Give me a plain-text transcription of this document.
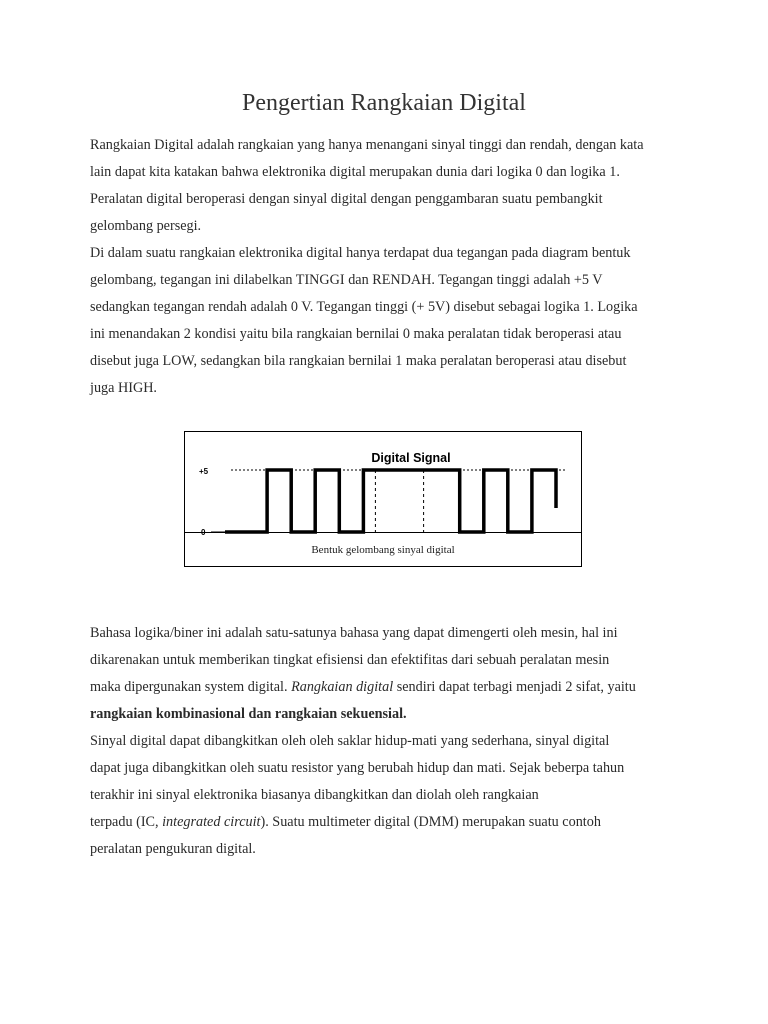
Pengertian Rangkaian Digital
Rangkaian Digital adalah rangkaian yang hanya menangani sinyal tinggi dan rendah, dengan kata
lain dapat kita katakan bahwa elektronika digital merupakan dunia dari logika 0 dan logika 1.
Peralatan digital beroperasi dengan sinyal digital dengan penggambaran suatu pembangkit
gelombang persegi.
Di dalam suatu rangkaian elektronika digital hanya terdapat dua tegangan pada diagram bentuk
gelombang, tegangan ini dilabelkan TINGGI dan RENDAH. Tegangan tinggi adalah +5 V
sedangkan tegangan rendah adalah 0 V. Tegangan tinggi (+ 5V) disebut sebagai logika 1. Logika
ini menandakan 2 kondisi yaitu bila rangkaian bernilai 0 maka peralatan tidak beroperasi atau
disebut juga LOW, sedangkan bila rangkaian bernilai 1 maka peralatan beroperasi atau disebut
juga HIGH.
Digital Signal
+5
0
Bentuk gelombang sinyal digital
Bahasa logika/biner ini adalah satu-satunya bahasa yang dapat dimengerti oleh mesin, hal ini
dikarenakan untuk memberikan tingkat efisiensi dan efektifitas dari sebuah peralatan mesin
maka dipergunakan system digital. Rangkaian digital sendiri dapat terbagi menjadi 2 sifat, yaitu
rangkaian kombinasional dan rangkaian sekuensial.
Sinyal digital dapat dibangkitkan oleh oleh saklar hidup-mati yang sederhana, sinyal digital
dapat juga dibangkitkan oleh suatu resistor yang berubah hidup dan mati. Sejak beberpa tahun
terakhir ini sinyal elektronika biasanya dibangkitkan dan diolah oleh rangkaian
terpadu (IC, integrated circuit). Suatu multimeter digital (DMM) merupakan suatu contoh
peralatan pengukuran digital.
